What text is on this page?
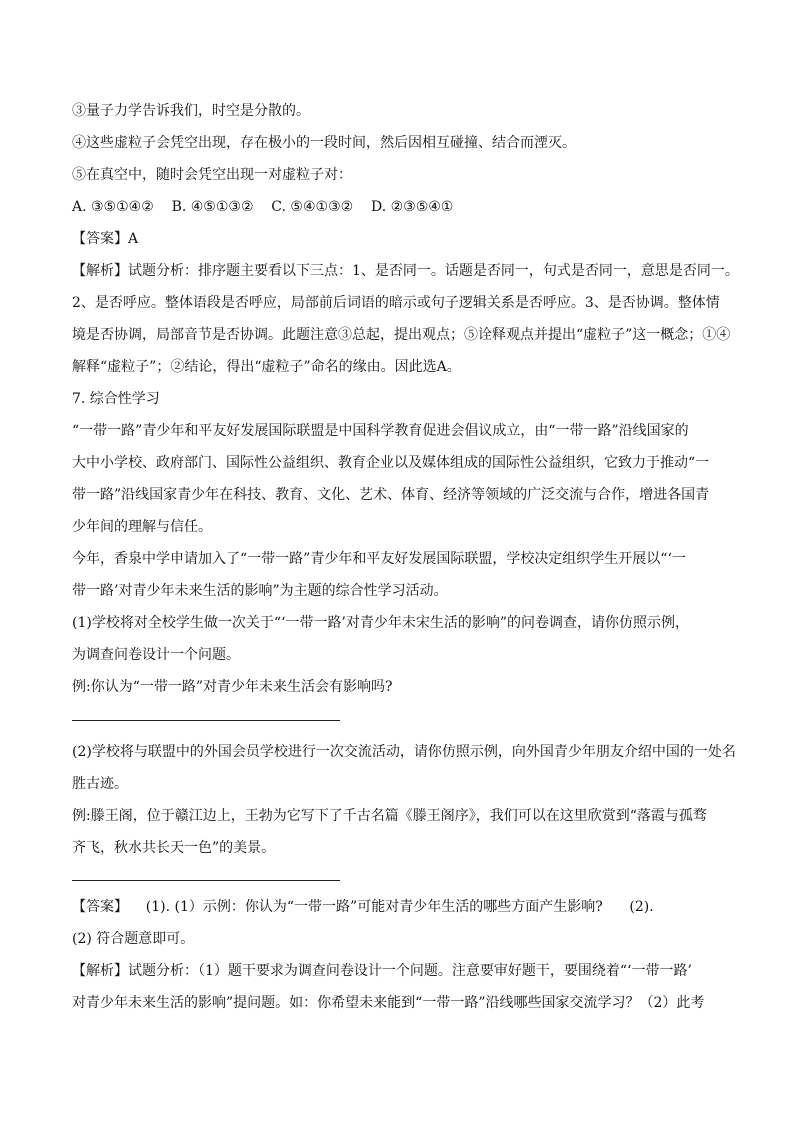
③量子力学告诉我们，时空是分散的。

④这些虚粒子会凭空出现，存在极小的一段时间，然后因相互碰撞、结合而湮灭。

⑤在真空中，随时会凭空出现一对虚粒子对：

A. ③⑤①④②    B. ④⑤①③②    C. ⑤④①③②    D. ②③⑤④①

【答案】A

【解析】试题分析：排序题主要看以下三点：1、是否同一。话题是否同一，句式是否同一，意思是否同一。

2、是否呼应。整体语段是否呼应，局部前后词语的暗示或句子逻辑关系是否呼应。3、是否协调。整体情

境是否协调，局部音节是否协调。此题注意③总起，提出观点；⑤诠释观点并提出“虚粒子”这一概念；①④

解释“虚粒子”；②结论，得出“虚粒子”命名的缘由。因此选A。

7. 综合性学习

“一带一路”青少年和平友好发展国际联盟是中国科学教育促进会倡议成立，由“一带一路”沿线国家的

大中小学校、政府部门、国际性公益组织、教育企业以及媒体组成的国际性公益组织，它致力于推动“一

带一路”沿线国家青少年在科技、教育、文化、艺术、体育、经济等领域的广泛交流与合作，增进各国青

少年间的理解与信任。

今年，香泉中学申请加入了“一带一路”青少年和平友好发展国际联盟，学校决定组织学生开展以“‘一

带一路’对青少年未来生活的影响”为主题的综合性学习活动。

(1)学校将对全校学生做一次关于“‘一带一路’对青少年未宋生活的影响”的问卷调查，请你仿照示例，

为调查问卷设计一个问题。

例:你认为“一带一路”对青少年未来生活会有影响吗?

(2)学校将与联盟中的外国会员学校进行一次交流活动，请你仿照示例，向外国青少年朋友介绍中国的一处名

胜古迹。

例:滕王阁，位于赣江边上，王勃为它写下了千古名篇《滕王阁序》，我们可以在这里欣赏到“落霞与孤骛

齐飞，秋水共长天一色”的美景。

【答案】    (1). (1）示例：你认为“一带一路”可能对青少年生活的哪些方面产生影响?      (2).

(2) 符合题意即可。

【解析】试题分析：（1）题干要求为调查问卷设计一个问题。注意要审好题干，要围绕着“‘一带一路’

对青少年未来生活的影响”提问题。如：你希望未来能到“一带一路”沿线哪些国家交流学习？（2）此考
